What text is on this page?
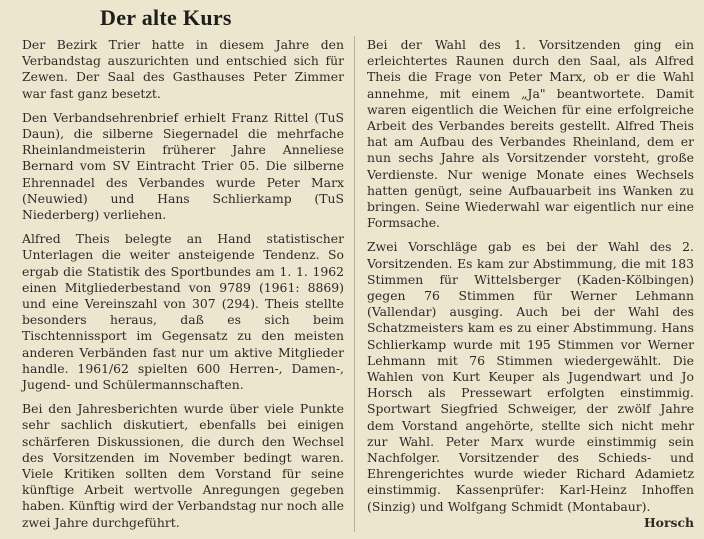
Der alte Kurs

Der Bezirk Trier hatte in diesem Jahre den Verbandstag auszurichten und entschied sich für Zewen. Der Saal des Gasthauses Peter Zimmer war fast ganz besetzt.

Den Verbandsehrenbrief erhielt Franz Rittel (TuS Daun), die silberne Siegernadel die mehrfache Rheinlandmeisterin früherer Jahre Anneliese Bernard vom SV Eintracht Trier 05. Die silberne Ehrennadel des Verbandes wurde Peter Marx (Neuwied) und Hans Schlierkamp (TuS Niederberg) verliehen.

Alfred Theis belegte an Hand statistischer Unterlagen die weiter ansteigende Tendenz. So ergab die Statistik des Sportbundes am 1. 1. 1962 einen Mitgliederbestand von 9789 (1961: 8869) und eine Vereinszahl von 307 (294). Theis stellte besonders heraus, daß es sich beim Tischtennissport im Gegensatz zu den meisten anderen Verbänden fast nur um aktive Mitglieder handle. 1961/62 spielten 600 Herren-, Damen-, Jugend- und Schülermannschaften.

Bei den Jahresberichten wurde über viele Punkte sehr sachlich diskutiert, ebenfalls bei einigen schärferen Diskussionen, die durch den Wechsel des Vorsitzenden im November bedingt waren. Viele Kritiken sollten dem Vorstand für seine künftige Arbeit wertvolle Anregungen gegeben haben. Künftig wird der Verbandstag nur noch alle zwei Jahre durchgeführt.

Bei der Wahl des 1. Vorsitzenden ging ein erleichtertes Raunen durch den Saal, als Alfred Theis die Frage von Peter Marx, ob er die Wahl annehme, mit einem „Ja" beantwortete. Damit waren eigentlich die Weichen für eine erfolgreiche Arbeit des Verbandes bereits gestellt. Alfred Theis hat am Aufbau des Verbandes Rheinland, dem er nun sechs Jahre als Vorsitzender vorsteht, große Verdienste. Nur wenige Monate eines Wechsels hatten genügt, seine Aufbauarbeit ins Wanken zu bringen. Seine Wiederwahl war eigentlich nur eine Formsache.

Zwei Vorschläge gab es bei der Wahl des 2. Vorsitzenden. Es kam zur Abstimmung, die mit 183 Stimmen für Wittelsberger (Kaden-Kölbingen) gegen 76 Stimmen für Werner Lehmann (Vallendar) ausging. Auch bei der Wahl des Schatzmeisters kam es zu einer Abstimmung. Hans Schlierkamp wurde mit 195 Stimmen vor Werner Lehmann mit 76 Stimmen wiedergewählt. Die Wahlen von Kurt Keuper als Jugendwart und Jo Horsch als Pressewart erfolgten einstimmig. Sportwart Siegfried Schweiger, der zwölf Jahre dem Vorstand angehörte, stellte sich nicht mehr zur Wahl. Peter Marx wurde einstimmig sein Nachfolger. Vorsitzender des Schieds- und Ehrengerichtes wurde wieder Richard Adamietz einstimmig. Kassenprüfer: Karl-Heinz Inhoffen (Sinzig) und Wolfgang Schmidt (Montabaur).
Horsch
